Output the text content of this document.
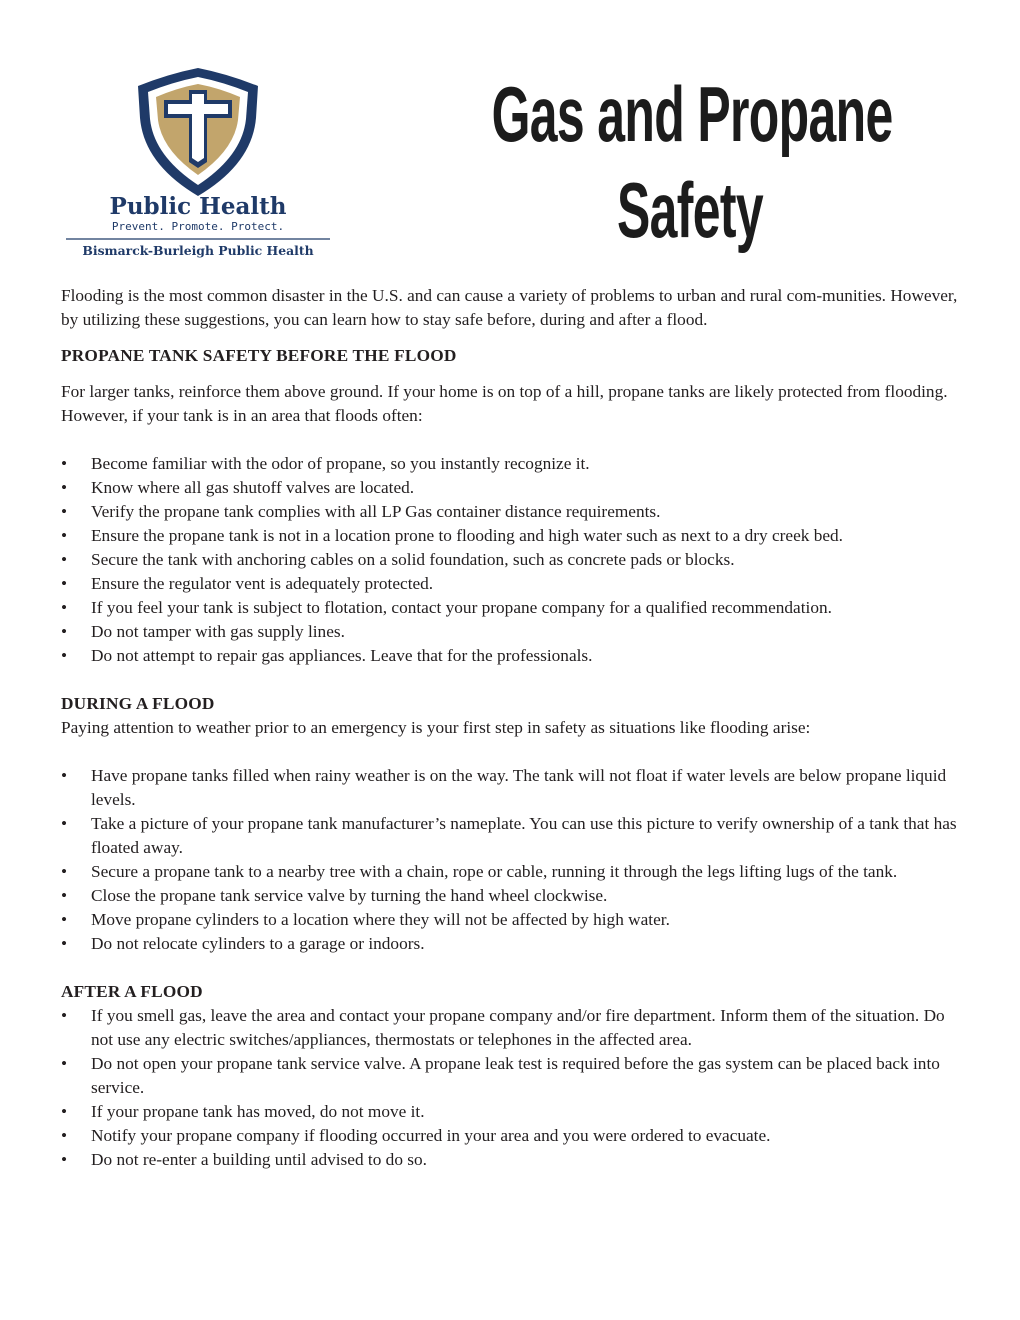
Public Health
Prevent. Promote. Protect.
Bismarck-Burleigh Public Health
Gas and Propane
Safety

Flooding is the most common disaster in the U.S. and can cause a variety of problems to urban and rural com-munities. However, by utilizing these suggestions, you can learn how to stay safe before, during and after a flood.

PROPANE TANK SAFETY BEFORE THE FLOOD

For larger tanks, reinforce them above ground. If your home is on top of a hill, propane tanks are likely protected from flooding. However, if your tank is in an area that floods often:

• Become familiar with the odor of propane, so you instantly recognize it.
• Know where all gas shutoff valves are located.
• Verify the propane tank complies with all LP Gas container distance requirements.
• Ensure the propane tank is not in a location prone to flooding and high water such as next to a dry creek bed.
• Secure the tank with anchoring cables on a solid foundation, such as concrete pads or blocks.
• Ensure the regulator vent is adequately protected.
• If you feel your tank is subject to flotation, contact your propane company for a qualified recommendation.
• Do not tamper with gas supply lines.
• Do not attempt to repair gas appliances. Leave that for the professionals.

DURING A FLOOD

Paying attention to weather prior to an emergency is your first step in safety as situations like flooding arise:

• Have propane tanks filled when rainy weather is on the way. The tank will not float if water levels are below propane liquid levels.
• Take a picture of your propane tank manufacturer’s nameplate. You can use this picture to verify ownership of a tank that has floated away.
• Secure a propane tank to a nearby tree with a chain, rope or cable, running it through the legs lifting lugs of the tank.
• Close the propane tank service valve by turning the hand wheel clockwise.
• Move propane cylinders to a location where they will not be affected by high water.
• Do not relocate cylinders to a garage or indoors.

AFTER A FLOOD

• If you smell gas, leave the area and contact your propane company and/or fire department. Inform them of the situation. Do not use any electric switches/appliances, thermostats or telephones in the affected area.
• Do not open your propane tank service valve. A propane leak test is required before the gas system can be placed back into service.
• If your propane tank has moved, do not move it.
• Notify your propane company if flooding occurred in your area and you were ordered to evacuate.
• Do not re-enter a building until advised to do so.
